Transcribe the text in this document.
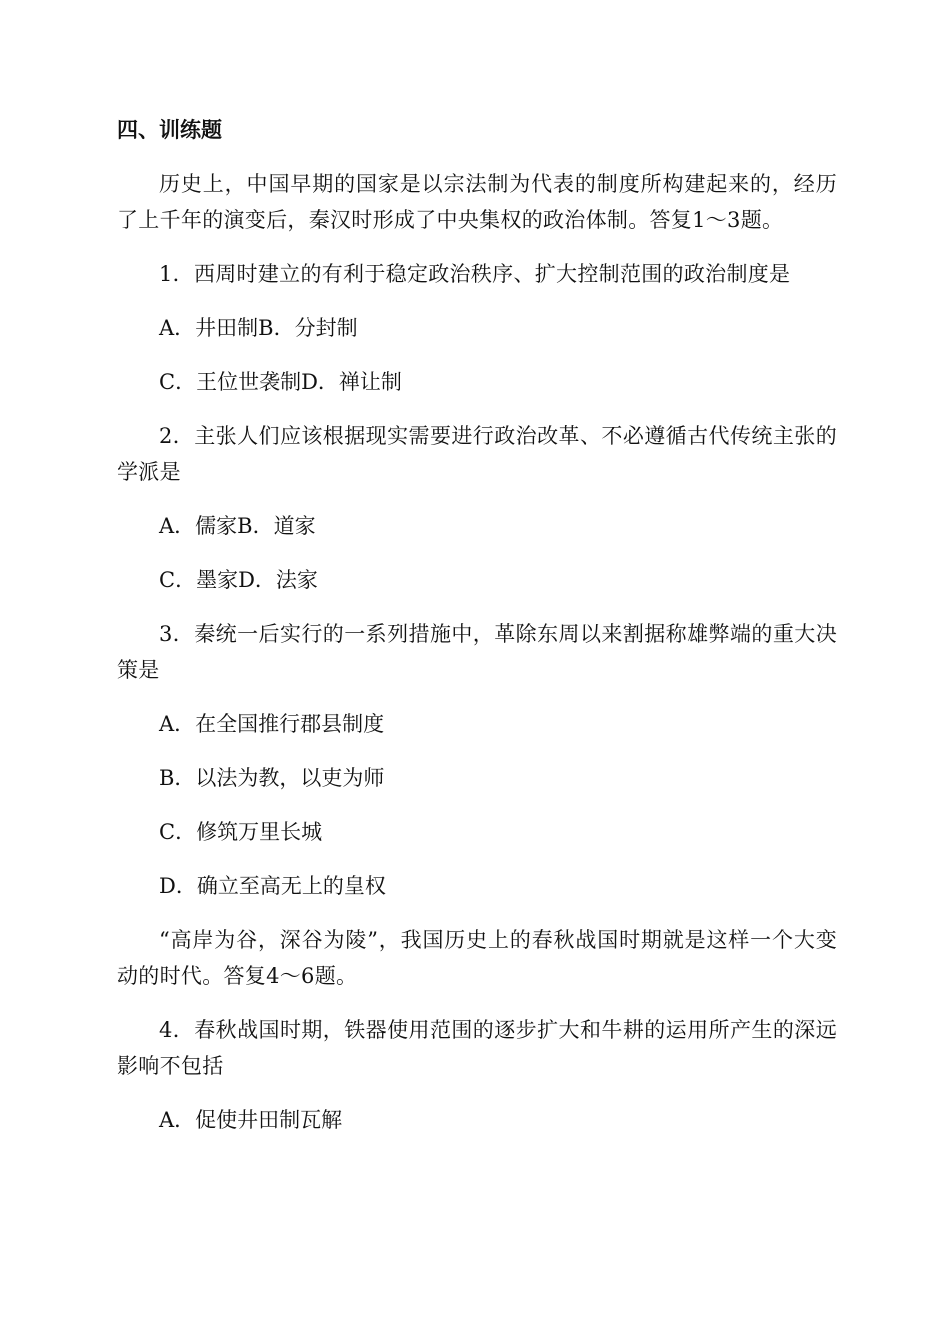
四、训练题

历史上，中国早期的国家是以宗法制为代表的制度所构建起来的，经历了上千年的演变后，秦汉时形成了中央集权的政治体制。答复1～3题。

1．西周时建立的有利于稳定政治秩序、扩大控制范围的政治制度是

A．井田制B．分封制

C．王位世袭制D．禅让制

2．主张人们应该根据现实需要进行政治改革、不必遵循古代传统主张的学派是

A．儒家B．道家

C．墨家D．法家

3．秦统一后实行的一系列措施中，革除东周以来割据称雄弊端的重大决策是

A．在全国推行郡县制度

B．以法为教，以吏为师

C．修筑万里长城

D．确立至高无上的皇权

“高岸为谷，深谷为陵”，我国历史上的春秋战国时期就是这样一个大变动的时代。答复4～6题。

4．春秋战国时期，铁器使用范围的逐步扩大和牛耕的运用所产生的深远影响不包括

A．促使井田制瓦解
